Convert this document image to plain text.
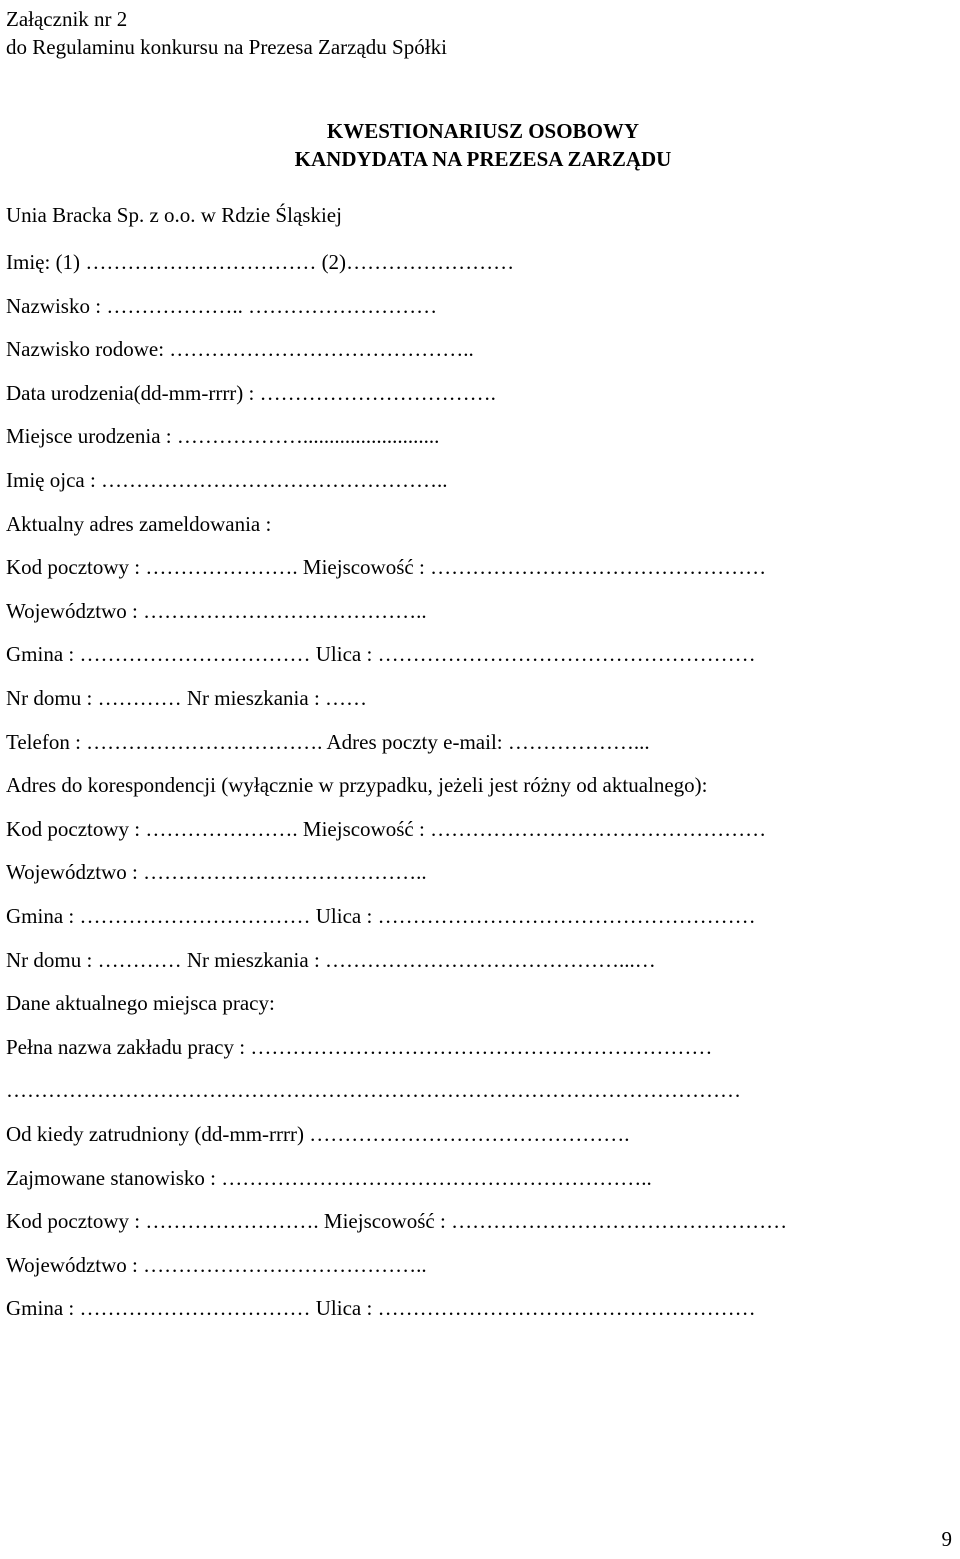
Załącznik nr 2
do Regulaminu konkursu na Prezesa Zarządu Spółki
KWESTIONARIUSZ OSOBOWY
KANDYDATA NA PREZESA ZARZĄDU
Unia Bracka Sp. z o.o. w Rdzie Śląskiej
Imię: (1) …………………………… (2)……………………
Nazwisko : ……………….. ………………………
Nazwisko rodowe: ……………………………………..
Data urodzenia(dd-mm-rrrr) : …………………………….
Miejsce urodzenia : ………………..........................
Imię ojca : …………………………………………..
Aktualny adres zameldowania :
Kod pocztowy : …………………. Miejscowość : …………………………………………
Województwo : …………………………………..
Gmina : …………………………… Ulica : ………………………………………………
Nr domu : ………… Nr mieszkania : ……
Telefon : ……………………………. Adres poczty e-mail: ………………...
Adres do korespondencji (wyłącznie w przypadku, jeżeli jest różny od aktualnego):
Kod pocztowy : …………………. Miejscowość : …………………………………………
Województwo : …………………………………..
Gmina : …………………………… Ulica : ………………………………………………
Nr domu : ………… Nr mieszkania : ……………………………………...…
Dane aktualnego miejsca pracy:
Pełna nazwa zakładu pracy : …………………………………………………………
……………………………………………………………………………………………
Od kiedy zatrudniony (dd-mm-rrrr) ……………………………………….
Zajmowane stanowisko : ……………………………………………………..
Kod pocztowy : ……………………. Miejscowość : …………………………………………
Województwo : …………………………………..
Gmina : …………………………… Ulica : ………………………………………………
9
